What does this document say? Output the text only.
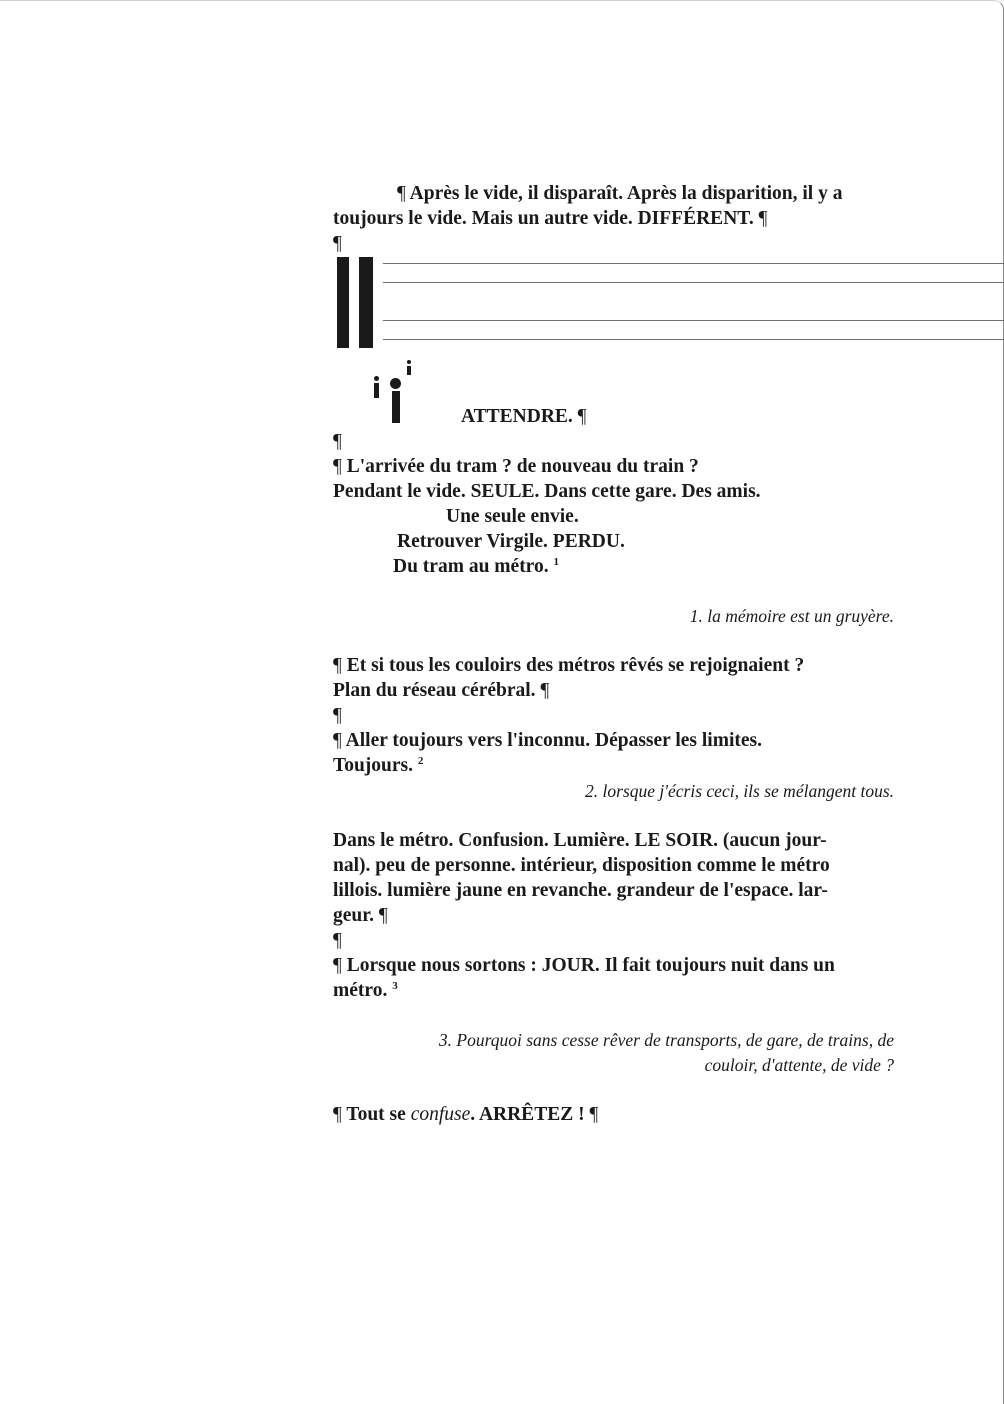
¶ Après le vide, il disparaît. Après la disparition, il y a
toujours le vide. Mais un autre vide. DIFFÉRENT. ¶
¶
ATTENDRE. ¶
¶
¶ L'arrivée du tram ? de nouveau du train ?
Pendant le vide. SEULE. Dans cette gare. Des amis.
Une seule envie.
Retrouver Virgile. PERDU.
Du tram au métro. $^1$
1. la mémoire est un gruyère.
¶ Et si tous les couloirs des métros rêvés se rejoignaient ?
Plan du réseau cérébral. ¶
¶
¶ Aller toujours vers l'inconnu. Dépasser les limites.
Toujours. $^2$
2. lorsque j'écris ceci, ils se mélangent tous.
Dans le métro. Confusion. Lumière. LE SOIR. (aucun jour-
nal). peu de personne. intérieur, disposition comme le métro
lillois. lumière jaune en revanche. grandeur de l'espace. lar-
geur. ¶
¶
¶ Lorsque nous sortons : JOUR. Il fait toujours nuit dans un
métro. $^3$
3. Pourquoi sans cesse rêver de transports, de gare, de trains, de
couloir, d'attente, de vide ?
¶ Tout se confuse. ARRÊTEZ ! ¶
